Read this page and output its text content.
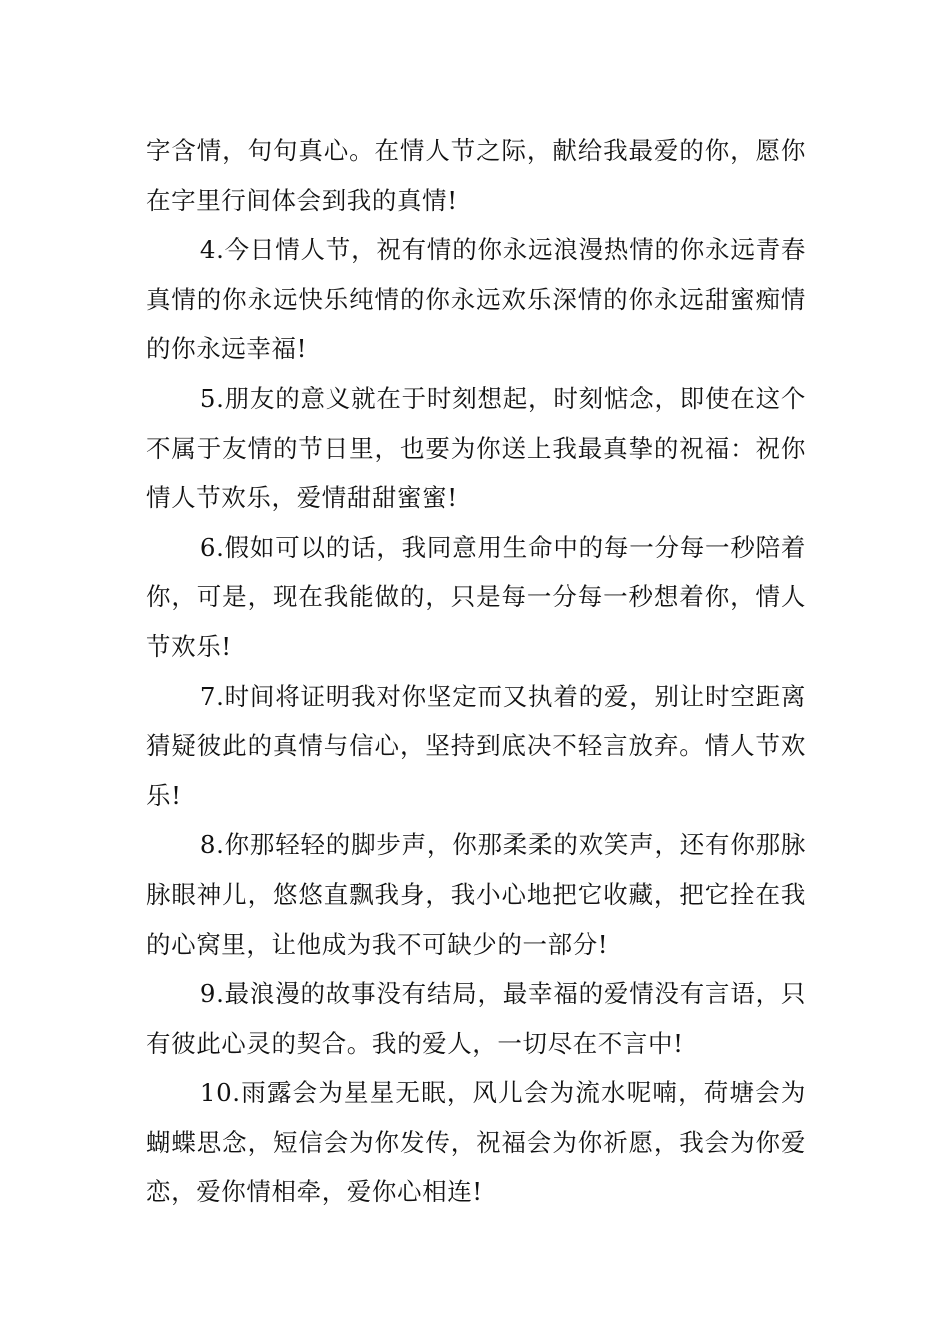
字含情，句句真心。在情人节之际，献给我最爱的你，愿你在字里行间体会到我的真情!

4.今日情人节，祝有情的你永远浪漫热情的你永远青春真情的你永远快乐纯情的你永远欢乐深情的你永远甜蜜痴情的你永远幸福!

5.朋友的意义就在于时刻想起，时刻惦念，即使在这个不属于友情的节日里，也要为你送上我最真挚的祝福：祝你情人节欢乐，爱情甜甜蜜蜜!

6.假如可以的话，我同意用生命中的每一分每一秒陪着你，可是，现在我能做的，只是每一分每一秒想着你，情人节欢乐!

7.时间将证明我对你坚定而又执着的爱，别让时空距离猜疑彼此的真情与信心，坚持到底决不轻言放弃。情人节欢乐!

8.你那轻轻的脚步声，你那柔柔的欢笑声，还有你那脉脉眼神儿，悠悠直飘我身，我小心地把它收藏，把它拴在我的心窝里，让他成为我不可缺少的一部分!

9.最浪漫的故事没有结局，最幸福的爱情没有言语，只有彼此心灵的契合。我的爱人，一切尽在不言中!

10.雨露会为星星无眠，风儿会为流水呢喃，荷塘会为蝴蝶思念，短信会为你发传，祝福会为你祈愿，我会为你爱恋，爱你情相牵，爱你心相连!
